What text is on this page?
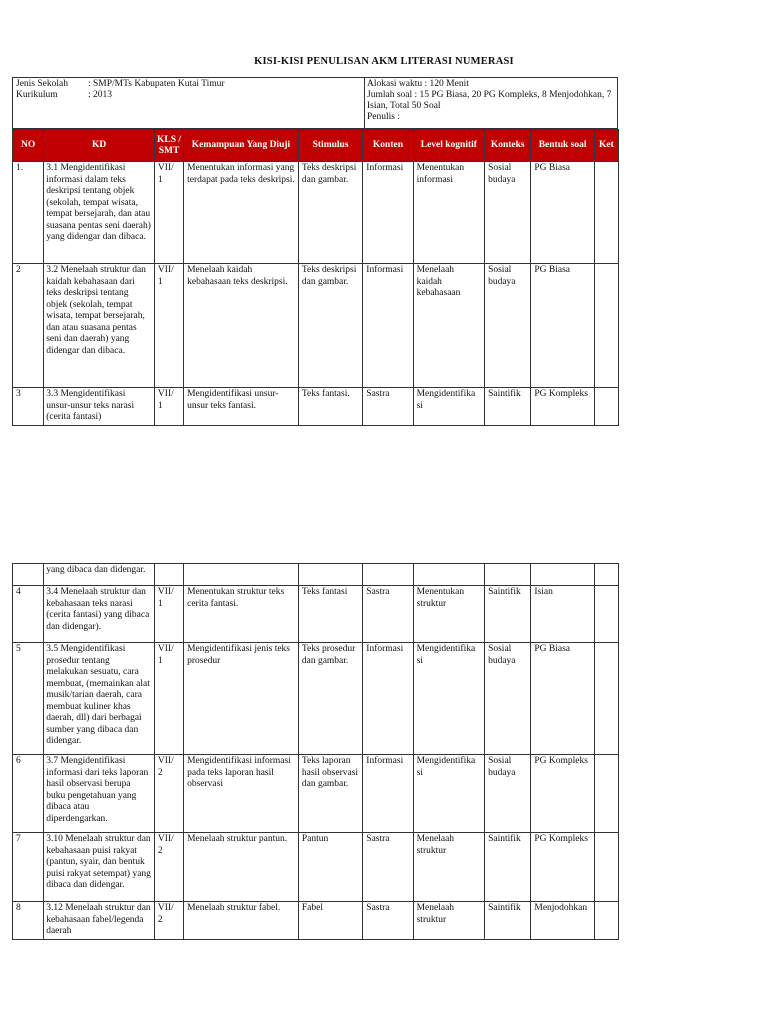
KISI-KISI PENULISAN AKM LITERASI NUMERASI
Jenis Sekolah : SMP/MTs Kabupaten Kutai Timur
Kurikulum	: 2013
Alokasi waktu : 120 Menit
Jumlah soal : 15 PG Biasa, 20 PG Kompleks, 8 Menjodohkan, 7
Isian, Total 50 Soal
Penulis :
NO	KD	KLS / SMT	Kemampuan Yang Diuji	Stimulus	Konten	Level kognitif	Konteks	Bentuk soal	Ket
1.	3.1 Mengidentifikasi informasi dalam teks deskripsi tentang objek (sekolah, tempat wisata, tempat bersejarah, dan atau suasana pentas seni daerah) yang didengar dan dibaca.	VII/ 1	Menentukan informasi yang terdapat pada teks deskripsi.	Teks deskripsi dan gambar.	Informasi	Menentukan informasi	Sosial budaya	PG Biasa	
2	3.2 Menelaah struktur dan kaidah kebahasaan dari teks deskripsi tentang objek (sekolah, tempat wisata, tempat bersejarah, dan atau suasana pentas seni dan daerah) yang didengar dan dibaca.	VII/ 1	Menelaah kaidah kebahasaan teks deskripsi.	Teks deskripsi dan gambar.	Informasi	Menelaah kaidah kebahasaan	Sosial budaya	PG Biasa	
3	3.3 Mengidentifikasi unsur-unsur teks narasi (cerita fantasi)	VII/ 1	Mengidentifikasi unsur-unsur teks fantasi.	Teks fantasi.	Sastra	Mengidentifika si	Saintifik	PG Kompleks	
	yang dibaca dan didengar.								
4	3.4 Menelaah struktur dan kebahasaan teks narasi (cerita fantasi) yang dibaca dan didengar).	VII/ 1	Menentukan struktur teks cerita fantasi.	Teks fantasi	Sastra	Menentukan struktur	Saintifik	Isian	
5	3.5 Mengidentifikasi prosedur tentang melakukan sesuatu, cara membuat, (memainkan alat musik/tarian daerah, cara membuat kuliner khas daerah, dll) dari berbagai sumber yang dibaca dan didengar.	VII/ 1	Mengidentifikasi jenis teks prosedur	Teks prosedur dan gambar.	Informasi	Mengidentifika si	Sosial budaya	PG Biasa	
6	3.7 Mengidentifikasi informasi dari teks laporan hasil observasi berupa buku pengetahuan yang dibaca atau diperdengarkan.	VII/ 2	Mengidentifikasi informasi pada teks laporan hasil observasi	Teks laporan hasil observasi dan gambar.	Informasi	Mengidentifika si	Sosial budaya	PG Kompleks	
7	3.10 Menelaah struktur dan kebahasaan puisi rakyat (pantun, syair, dan bentuk puisi rakyat setempat) yang dibaca dan didengar.	VII/ 2	Menelaah struktur pantun.	Pantun	Sastra	Menelaah struktur	Saintifik	PG Kompleks	
8	3.12 Menelaah struktur dan kebahasaan fabel/legenda daerah	VII/ 2	Menelaah struktur fabel.	Fabel	Sastra	Menelaah struktur	Saintifik	Menjodohkan	
